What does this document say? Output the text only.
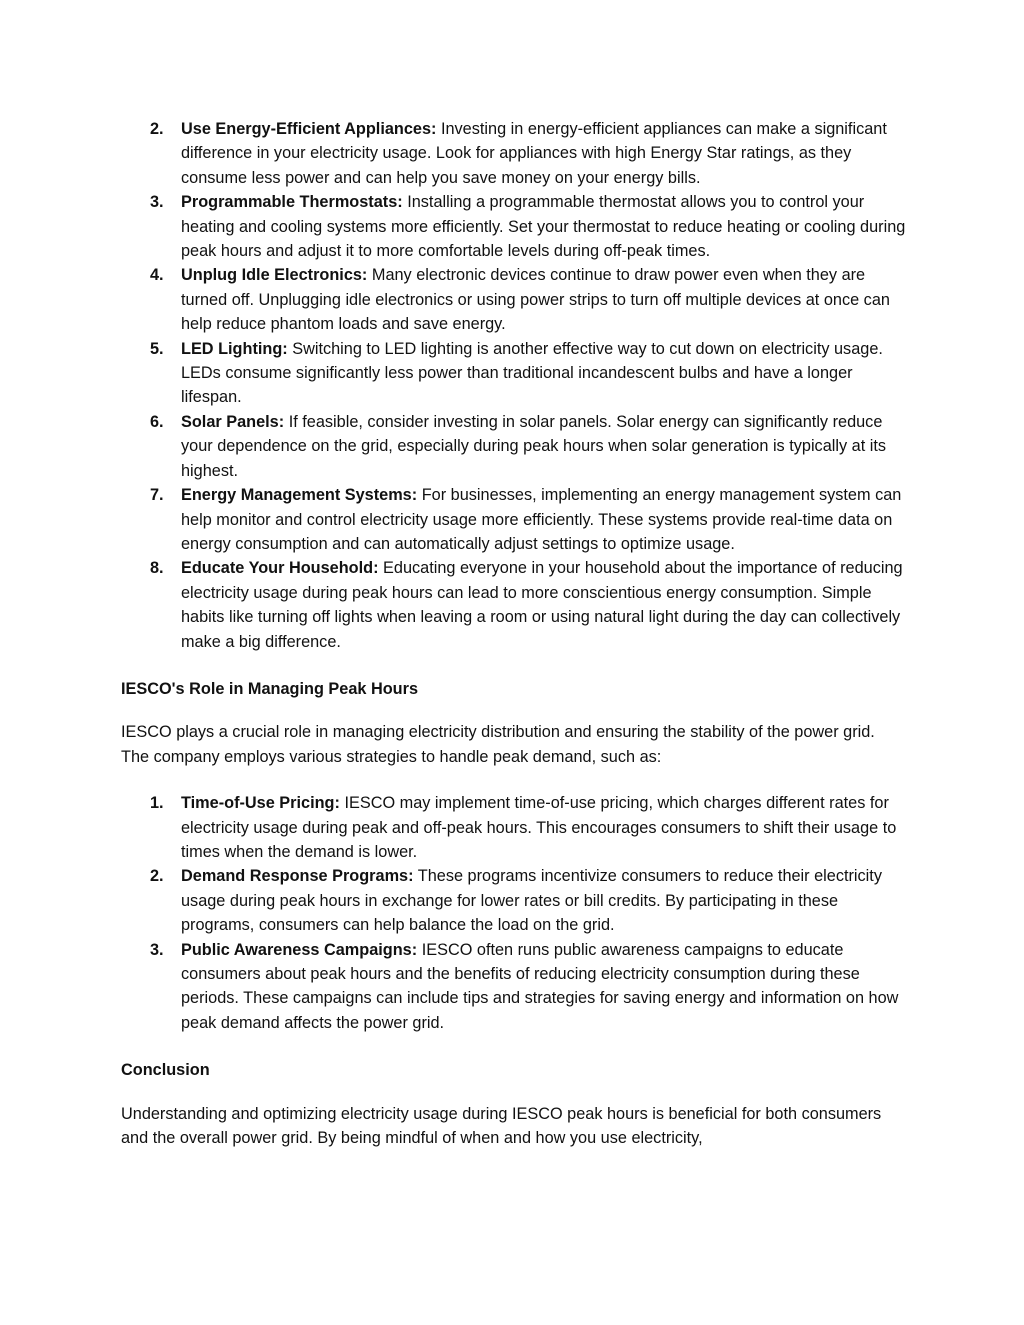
2. Use Energy-Efficient Appliances: Investing in energy-efficient appliances can make a significant difference in your electricity usage. Look for appliances with high Energy Star ratings, as they consume less power and can help you save money on your energy bills.
3. Programmable Thermostats: Installing a programmable thermostat allows you to control your heating and cooling systems more efficiently. Set your thermostat to reduce heating or cooling during peak hours and adjust it to more comfortable levels during off-peak times.
4. Unplug Idle Electronics: Many electronic devices continue to draw power even when they are turned off. Unplugging idle electronics or using power strips to turn off multiple devices at once can help reduce phantom loads and save energy.
5. LED Lighting: Switching to LED lighting is another effective way to cut down on electricity usage. LEDs consume significantly less power than traditional incandescent bulbs and have a longer lifespan.
6. Solar Panels: If feasible, consider investing in solar panels. Solar energy can significantly reduce your dependence on the grid, especially during peak hours when solar generation is typically at its highest.
7. Energy Management Systems: For businesses, implementing an energy management system can help monitor and control electricity usage more efficiently. These systems provide real-time data on energy consumption and can automatically adjust settings to optimize usage.
8. Educate Your Household: Educating everyone in your household about the importance of reducing electricity usage during peak hours can lead to more conscientious energy consumption. Simple habits like turning off lights when leaving a room or using natural light during the day can collectively make a big difference.
IESCO's Role in Managing Peak Hours

IESCO plays a crucial role in managing electricity distribution and ensuring the stability of the power grid. The company employs various strategies to handle peak demand, such as:

1. Time-of-Use Pricing: IESCO may implement time-of-use pricing, which charges different rates for electricity usage during peak and off-peak hours. This encourages consumers to shift their usage to times when the demand is lower.
2. Demand Response Programs: These programs incentivize consumers to reduce their electricity usage during peak hours in exchange for lower rates or bill credits. By participating in these programs, consumers can help balance the load on the grid.
3. Public Awareness Campaigns: IESCO often runs public awareness campaigns to educate consumers about peak hours and the benefits of reducing electricity consumption during these periods. These campaigns can include tips and strategies for saving energy and information on how peak demand affects the power grid.
Conclusion

Understanding and optimizing electricity usage during IESCO peak hours is beneficial for both consumers and the overall power grid. By being mindful of when and how you use electricity,
